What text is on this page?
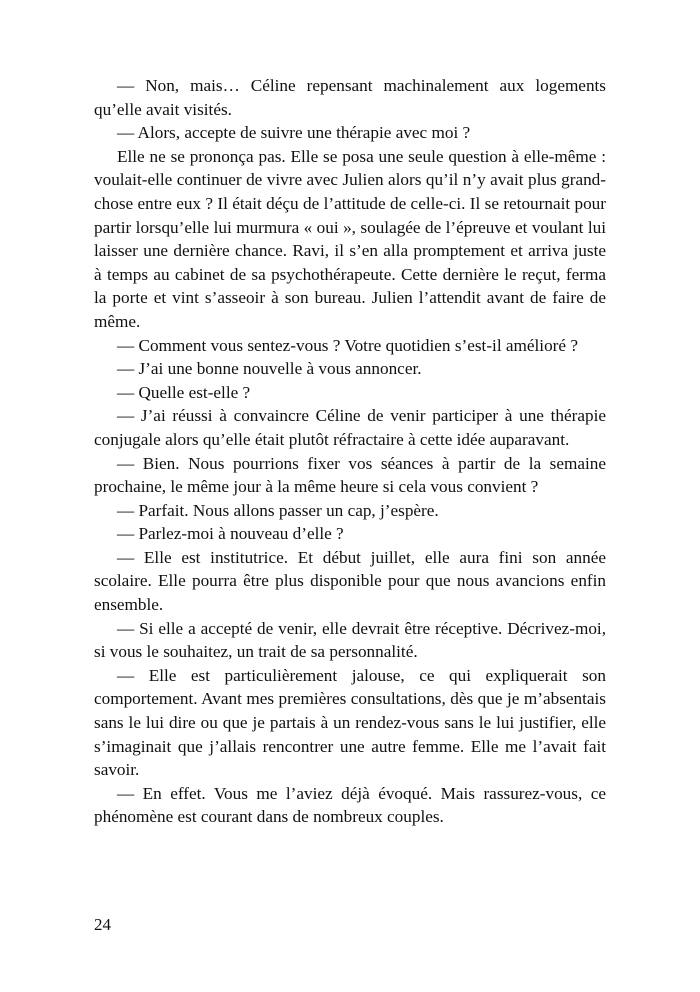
— Non, mais… Céline repensant machinalement aux logements qu’elle avait visités.

— Alors, accepte de suivre une thérapie avec moi ?

Elle ne se prononça pas. Elle se posa une seule question à elle-même : voulait-elle continuer de vivre avec Julien alors qu’il n’y avait plus grand-chose entre eux ? Il était déçu de l’attitude de celle-ci. Il se retournait pour partir lorsqu’elle lui murmura « oui », soulagée de l’épreuve et voulant lui laisser une dernière chance. Ravi, il s’en alla promptement et arriva juste à temps au cabinet de sa psychothérapeute. Cette dernière le reçut, ferma la porte et vint s’asseoir à son bureau. Julien l’attendit avant de faire de même.

— Comment vous sentez-vous ? Votre quotidien s’est-il amélioré ?

— J’ai une bonne nouvelle à vous annoncer.

— Quelle est-elle ?

— J’ai réussi à convaincre Céline de venir participer à une thérapie conjugale alors qu’elle était plutôt réfractaire à cette idée auparavant.

— Bien. Nous pourrions fixer vos séances à partir de la semaine prochaine, le même jour à la même heure si cela vous convient ?

— Parfait. Nous allons passer un cap, j’espère.

— Parlez-moi à nouveau d’elle ?

— Elle est institutrice. Et début juillet, elle aura fini son année scolaire. Elle pourra être plus disponible pour que nous avancions enfin ensemble.

— Si elle a accepté de venir, elle devrait être réceptive. Décrivez-moi, si vous le souhaitez, un trait de sa personnalité.

— Elle est particulièrement jalouse, ce qui expliquerait son comportement. Avant mes premières consultations, dès que je m’absentais sans le lui dire ou que je partais à un rendez-vous sans le lui justifier, elle s’imaginait que j’allais rencontrer une autre femme. Elle me l’avait fait savoir.

— En effet. Vous me l’aviez déjà évoqué. Mais rassurez-vous, ce phénomène est courant dans de nombreux couples.

24
